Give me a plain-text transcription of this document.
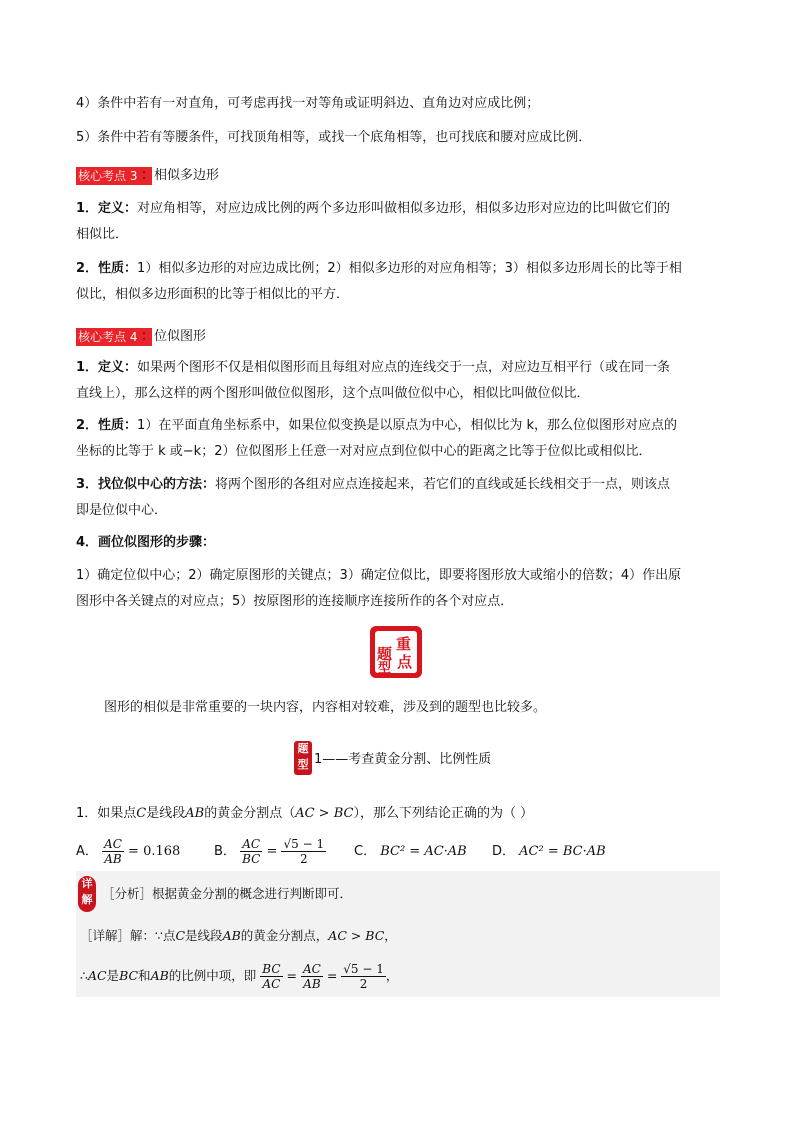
4）条件中若有一对直角，可考虑再找一对等角或证明斜边、直角边对应成比例；
5）条件中若有等腰条件，可找顶角相等，或找一个底角相等，也可找底和腰对应成比例．
核心考点 3 ：相似多边形
1．定义：对应角相等，对应边成比例的两个多边形叫做相似多边形，相似多边形对应边的比叫做它们的
相似比．
2．性质：1）相似多边形的对应边成比例；2）相似多边形的对应角相等；3）相似多边形周长的比等于相
似比，相似多边形面积的比等于相似比的平方．
核心考点 4 ：位似图形
1．定义：如果两个图形不仅是相似图形而且每组对应点的连线交于一点，对应边互相平行（或在同一条
直线上），那么这样的两个图形叫做位似图形，这个点叫做位似中心，相似比叫做位似比．
2．性质：1）在平面直角坐标系中，如果位似变换是以原点为中心，相似比为 k，那么位似图形对应点的
坐标的比等于 k 或−k；2）位似图形上任意一对对应点到位似中心的距离之比等于位似比或相似比．
3．找位似中心的方法：将两个图形的各组对应点连接起来，若它们的直线或延长线相交于一点，则该点
即是位似中心．
4．画位似图形的步骤：
1）确定位似中心；2）确定原图形的关键点；3）确定位似比，即要将图形放大或缩小的倍数；4）作出原
图形中各关键点的对应点；5）按原图形的连接顺序连接所作的各个对应点．
题
重
型 点
图形的相似是非常重要的一块内容，内容相对较难，涉及到的题型也比较多。
题
型 1——考查黄金分割、比例性质
1．如果点C是线段AB的黄金分割点（AC > BC），那么下列结论正确的为（ ）
A． $\frac{AC}{AB} = 0.168$	B． $\frac{AC}{BC} = \frac{√5 - 1}{2}$ C． BC² = AC·AB D． AC² = BC·AB
详
解 ［分析］根据黄金分割的概念进行判断即可．
［详解］解：∵点C是线段AB的黄金分割点，AC > BC，
∴AC是BC和AB的比例中项，即 $\frac{BC}{AC} = \frac{AC}{AB} = \frac{√5 - 1}{2}$ ，
